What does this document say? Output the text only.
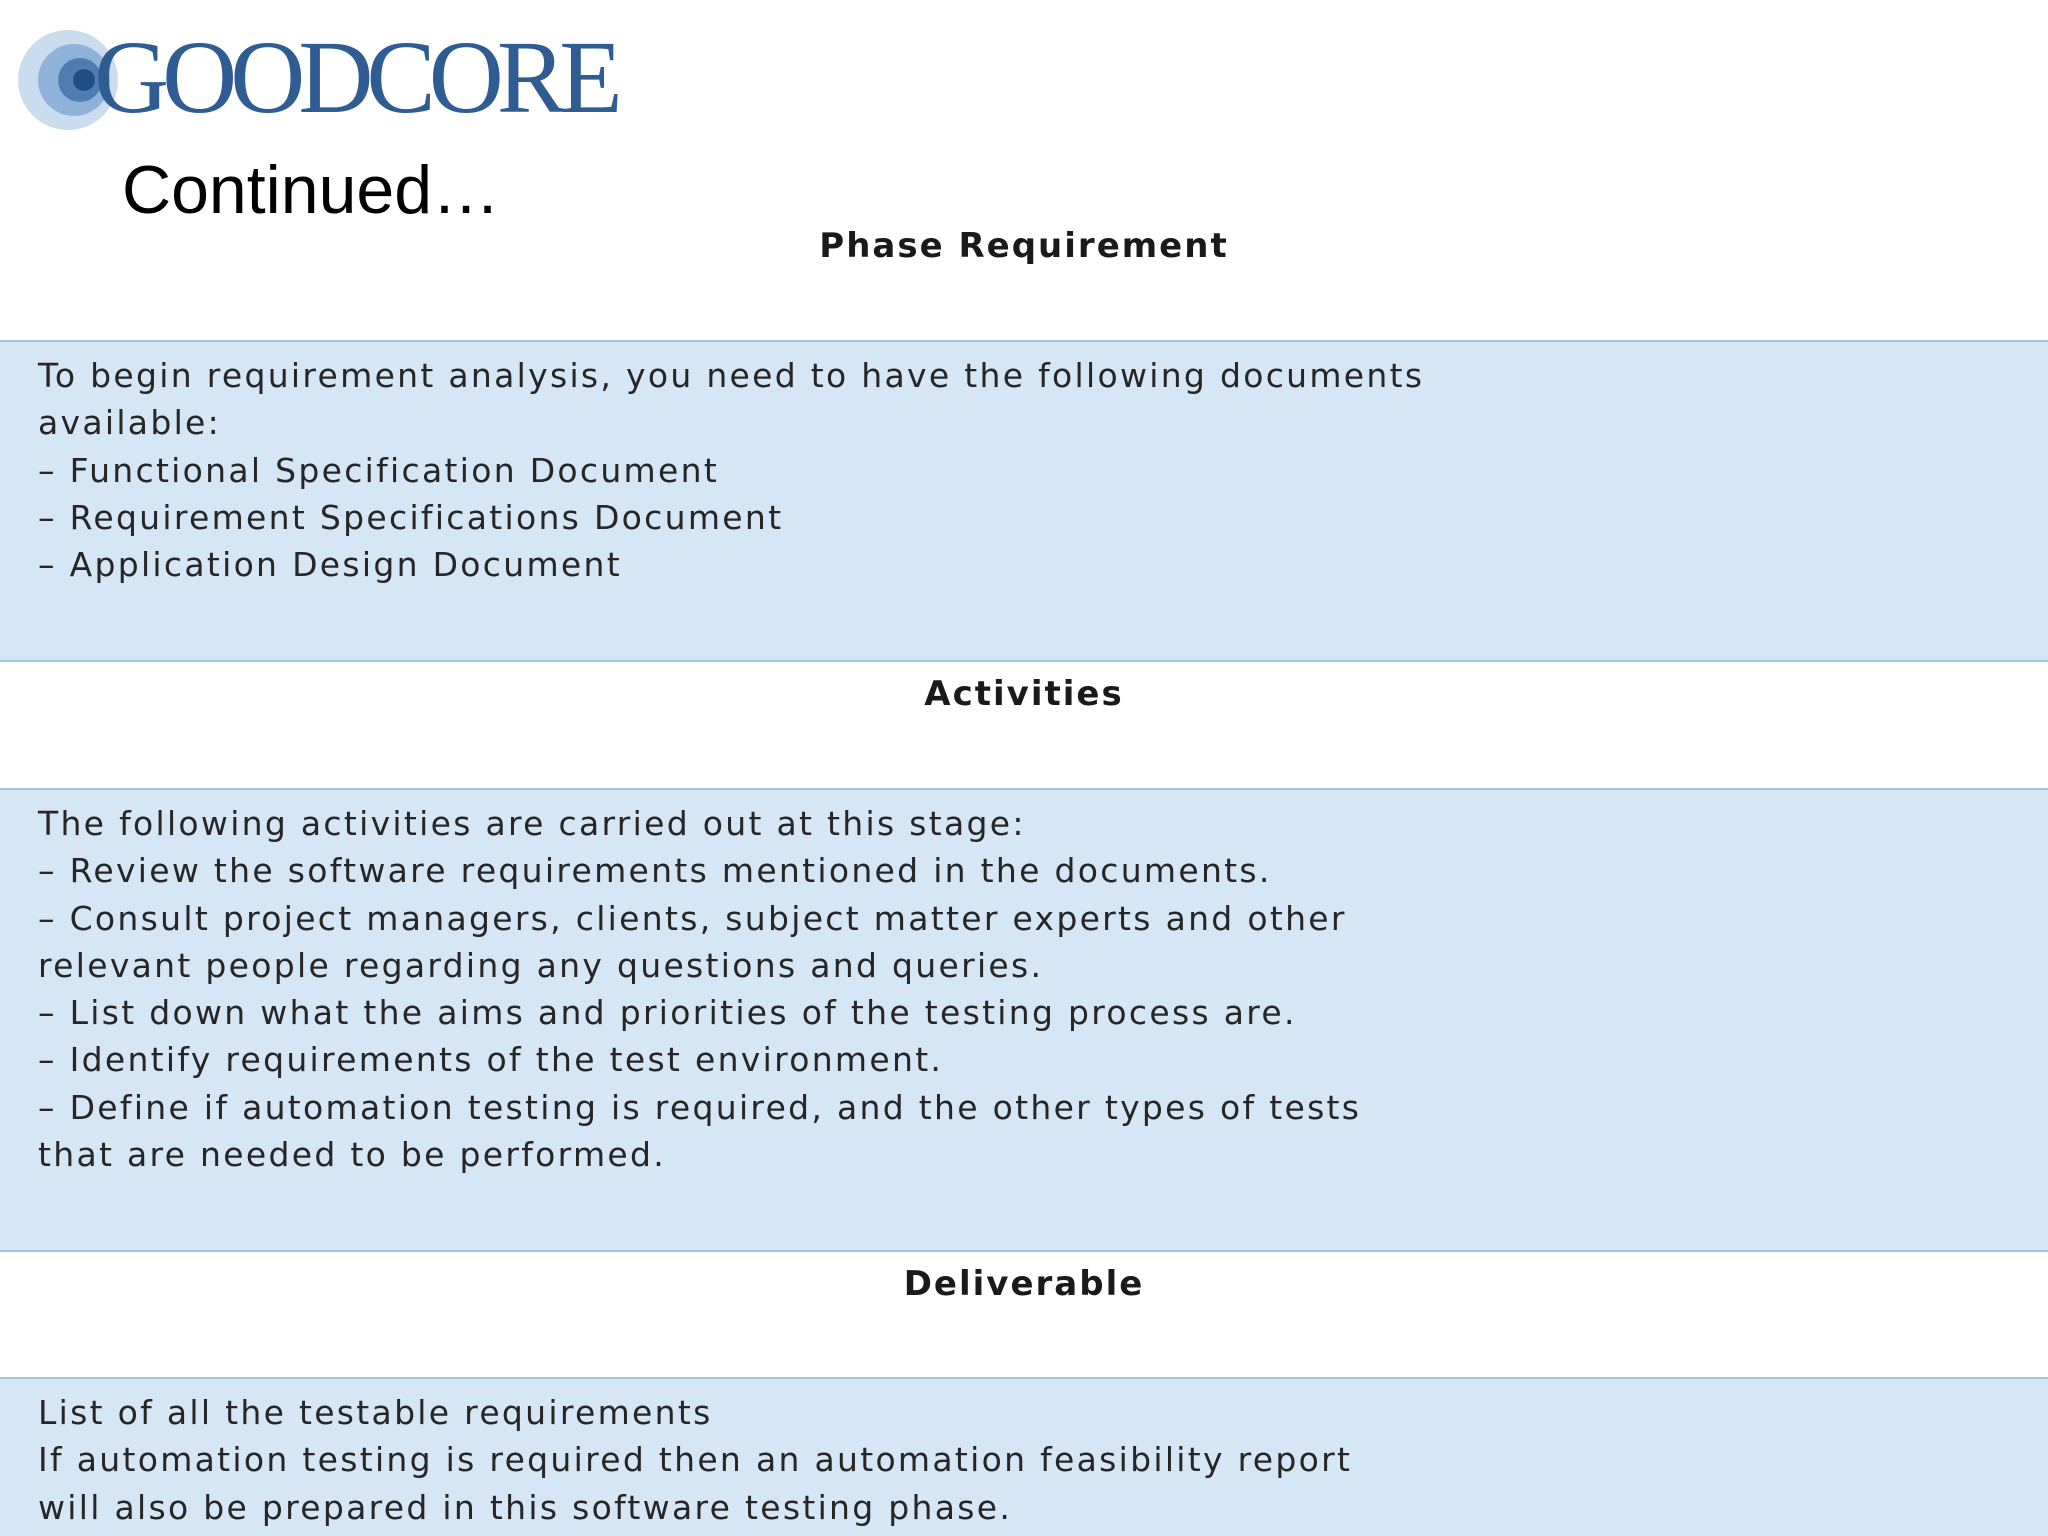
GOODCORE
Continued…
Phase Requirement
To begin requirement analysis, you need to have the following documents
available:
– Functional Specification Document
– Requirement Specifications Document
– Application Design Document
Activities
The following activities are carried out at this stage:
– Review the software requirements mentioned in the documents.
– Consult project managers, clients, subject matter experts and other
relevant people regarding any questions and queries.
– List down what the aims and priorities of the testing process are.
– Identify requirements of the test environment.
– Define if automation testing is required, and the other types of tests
that are needed to be performed.
Deliverable
List of all the testable requirements
If automation testing is required then an automation feasibility report
will also be prepared in this software testing phase.
